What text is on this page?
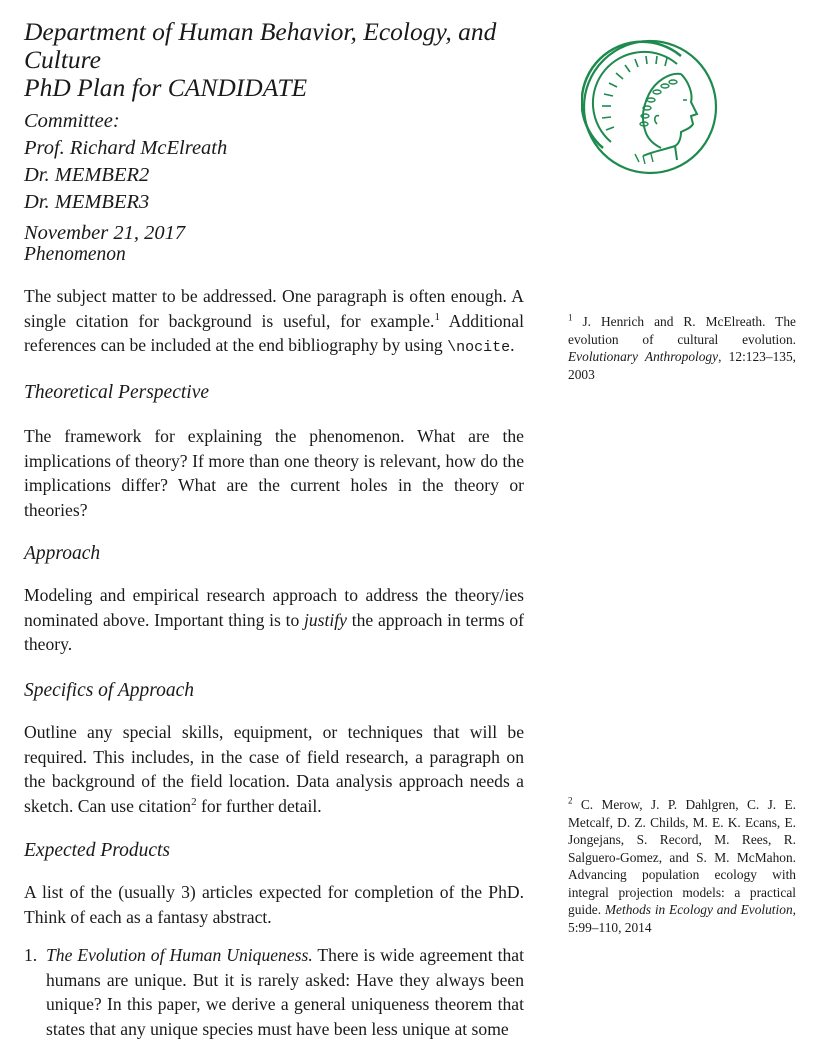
Department of Human Behavior, Ecology, and Culture
PhD Plan for CANDIDATE
Committee:
Prof. Richard McElreath
Dr. MEMBER2
Dr. MEMBER3
November 21, 2017
Phenomenon

The subject matter to be addressed. One paragraph is often enough. A single citation for background is useful, for example.$^1$ Additional references can be included at the end bibliography by using \nocite.

$^1$ J. Henrich and R. McElreath. The evolution of cultural evolution. Evolutionary Anthropology, 12:123–135, 2003
Theoretical Perspective

The framework for explaining the phenomenon. What are the implications of theory? If more than one theory is relevant, how do the implications differ? What are the current holes in the theory or theories?

Approach

Modeling and empirical research approach to address the theory/ies nominated above. Important thing is to justify the approach in terms of theory.

Specifics of Approach

Outline any special skills, equipment, or techniques that will be required. This includes, in the case of field research, a paragraph on the background of the field location. Data analysis approach needs a sketch. Can use citation$^2$ for further detail.	$^2$ C. Merow, J. P. Dahlgren, C. J. E. Metcalf, D. Z. Childs, M. E. K. Ecans, E. Jongejans, S. Record, M. Rees, R. Salguero-Gomez, and S. M. McMahon. Advancing population ecology with integral projection models: a practical guide. Methods in Ecology and Evolution, 5:99–110, 2014
Expected Products

A list of the (usually 3) articles expected for completion of the PhD. Think of each as a fantasy abstract.

1. The Evolution of Human Uniqueness. There is wide agreement that humans are unique. But it is rarely asked: Have they always been unique? In this paper, we derive a general uniqueness theorem that states that any unique species must have been less unique at some
